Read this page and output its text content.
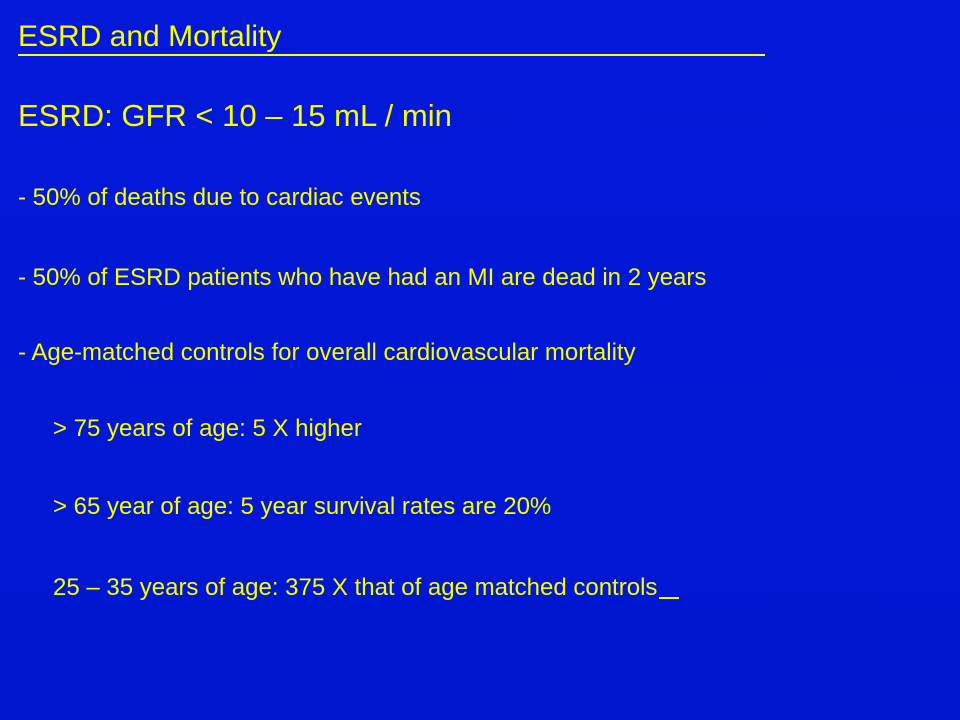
ESRD and Mortality
ESRD: GFR < 10 – 15 mL / min
- 50% of deaths due to cardiac events
- 50% of ESRD patients who have had an MI are dead in 2 years
- Age-matched controls for overall cardiovascular mortality
> 75 years of age: 5 X higher
> 65 year of age: 5 year survival rates are 20%
25 – 35 years of age: 375 X that of age matched controls
